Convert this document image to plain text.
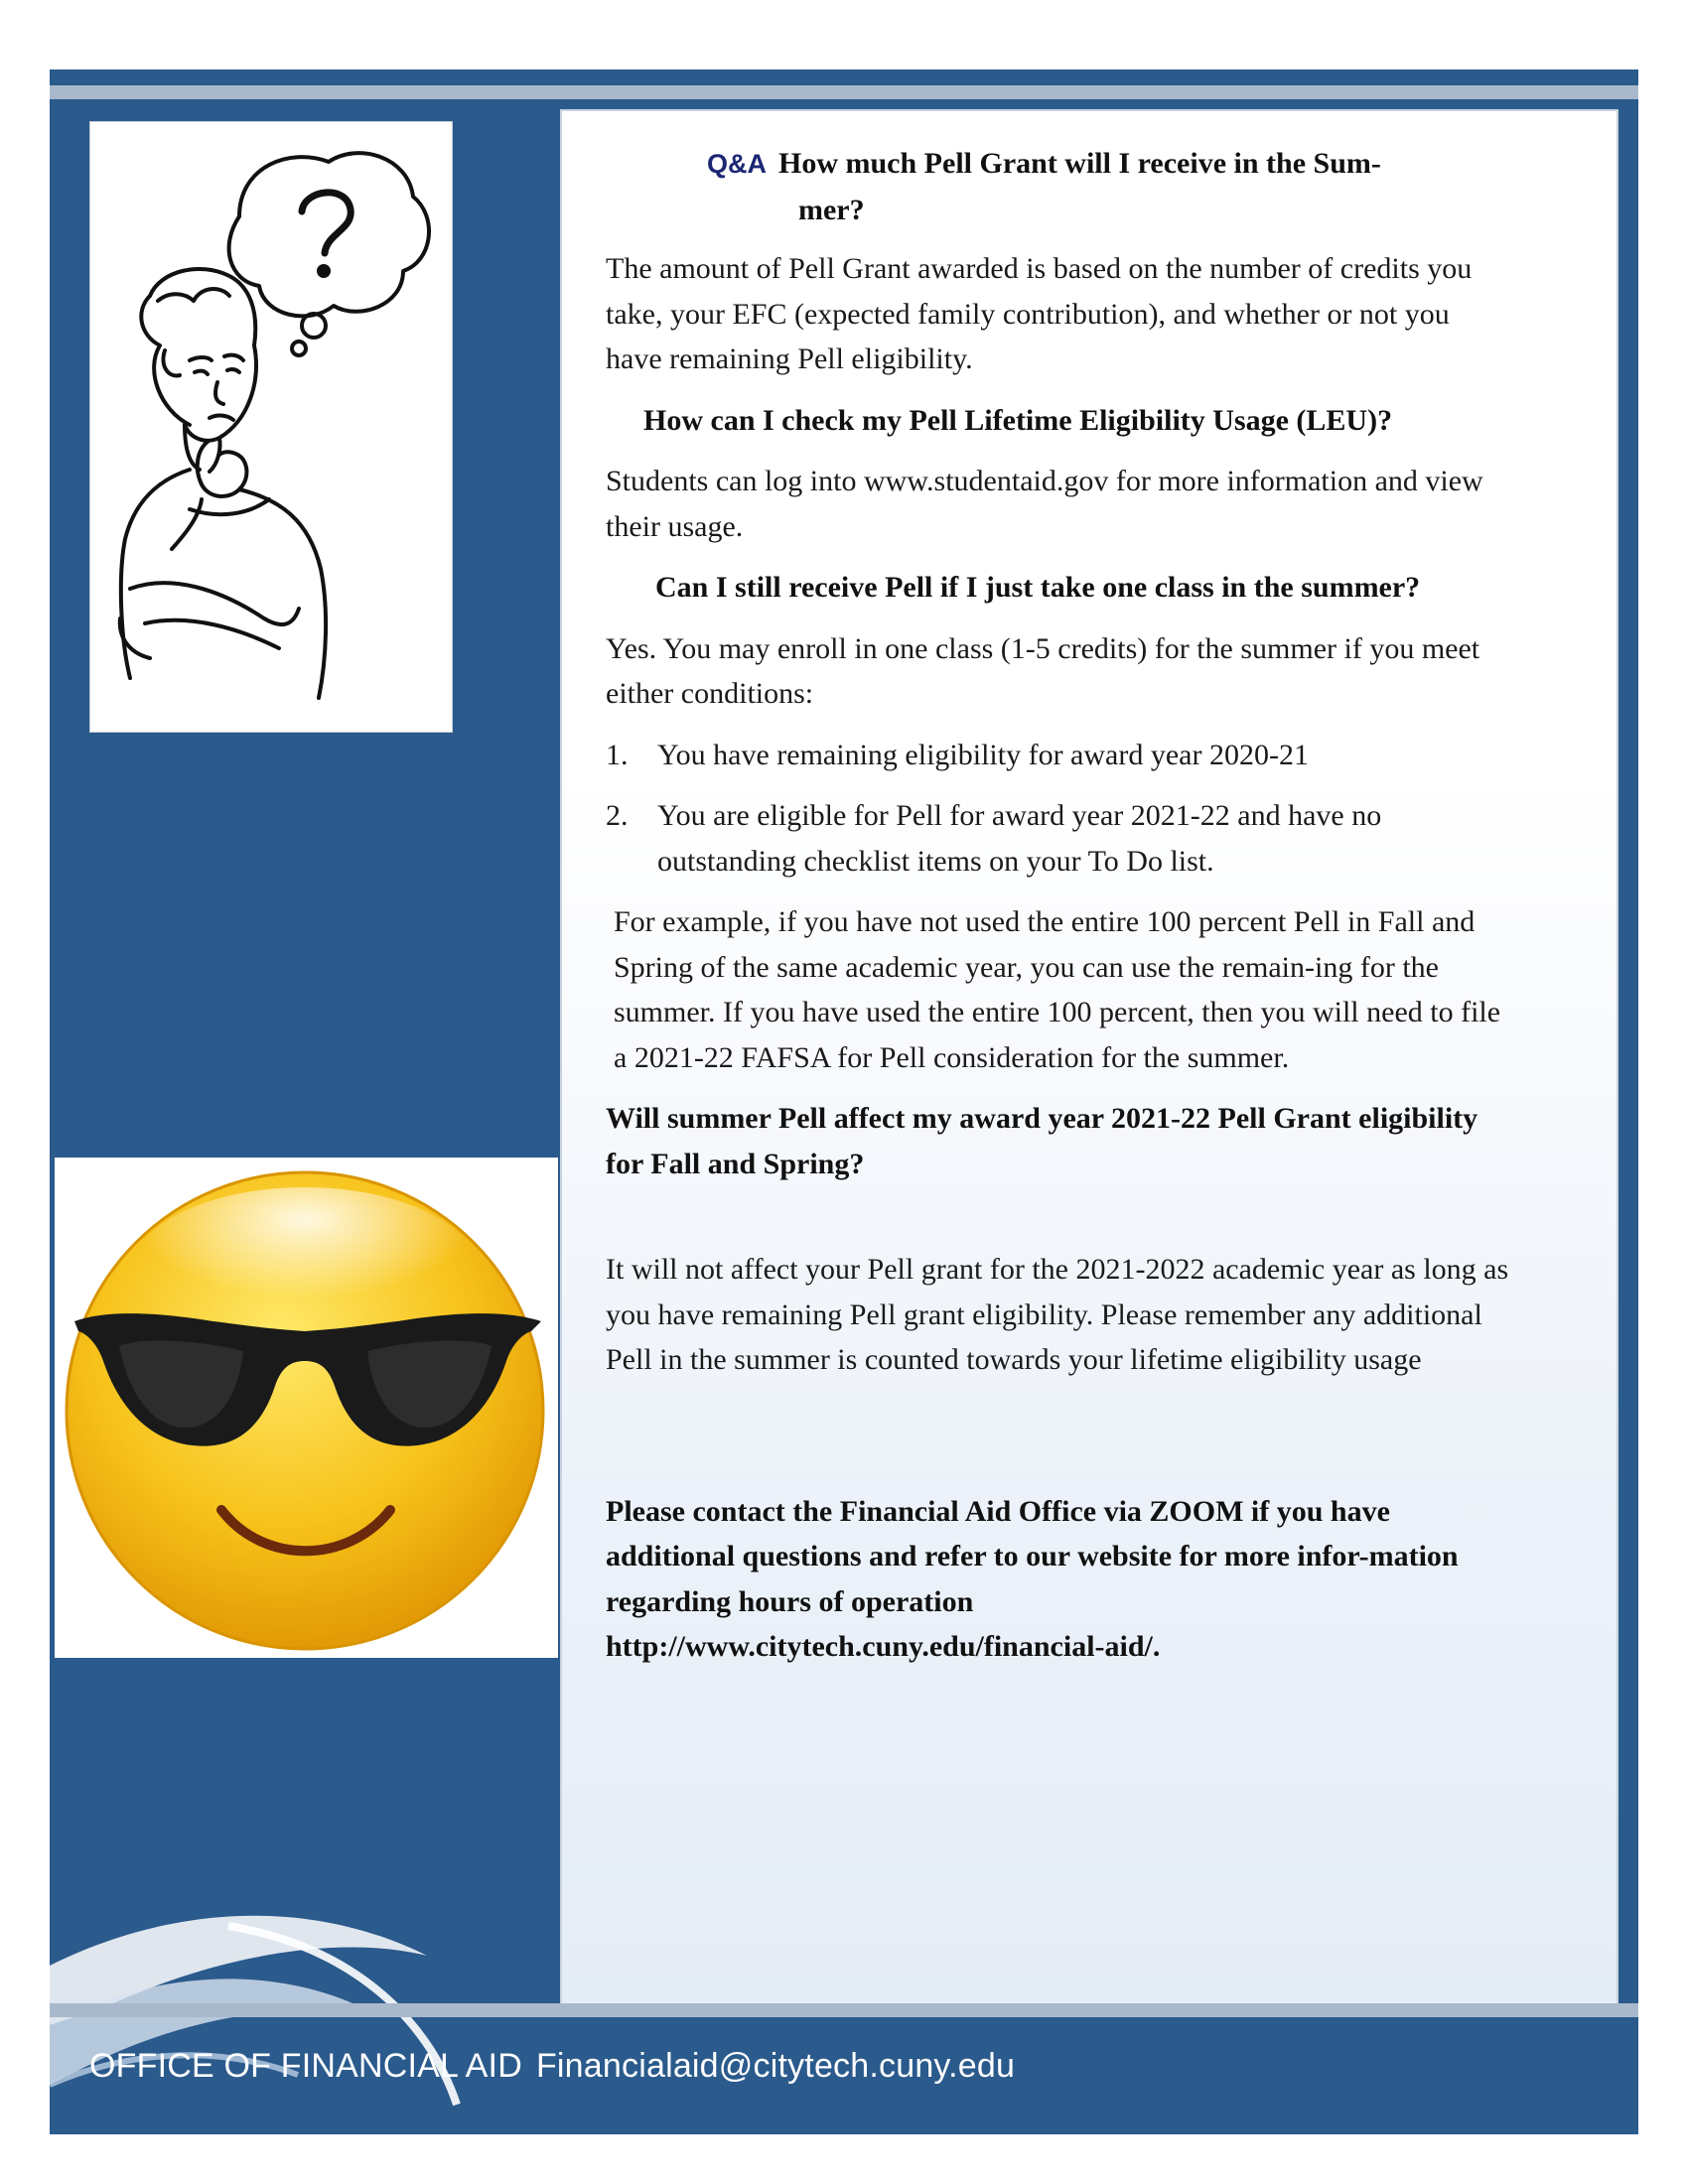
Q&A How much Pell Grant will I receive in the Sum-
mer?

The amount of Pell Grant awarded is based on the number of credits you take, your EFC (expected family contribution), and whether or not you have remaining Pell eligibility.

How can I check my Pell Lifetime Eligibility Usage (LEU)?

Students can log into www.studentaid.gov for more information and view their usage.

Can I still receive Pell if I just take one class in the summer?

Yes. You may enroll in one class (1-5 credits) for the summer if you meet either conditions:

1. You have remaining eligibility for award year 2020-21
2. You are eligible for Pell for award year 2021-22 and have no outstanding checklist items on your To Do list.

For example, if you have not used the entire 100 percent Pell in Fall and Spring of the same academic year, you can use the remain-ing for the summer. If you have used the entire 100 percent, then you will need to file a 2021-22 FAFSA for Pell consideration for the summer.

Will summer Pell affect my award year 2021-22 Pell Grant eligibility for Fall and Spring?

It will not affect your Pell grant for the 2021-2022 academic year as long as you have remaining Pell grant eligibility. Please remember any additional Pell in the summer is counted towards your lifetime eligibility usage

Please contact the Financial Aid Office via ZOOM if you have additional questions and refer to our website for more infor-mation regarding hours of operation

http://www.citytech.cuny.edu/financial-aid/.

OFFICE OF FINANCIAL AID Financialaid@citytech.cuny.edu
